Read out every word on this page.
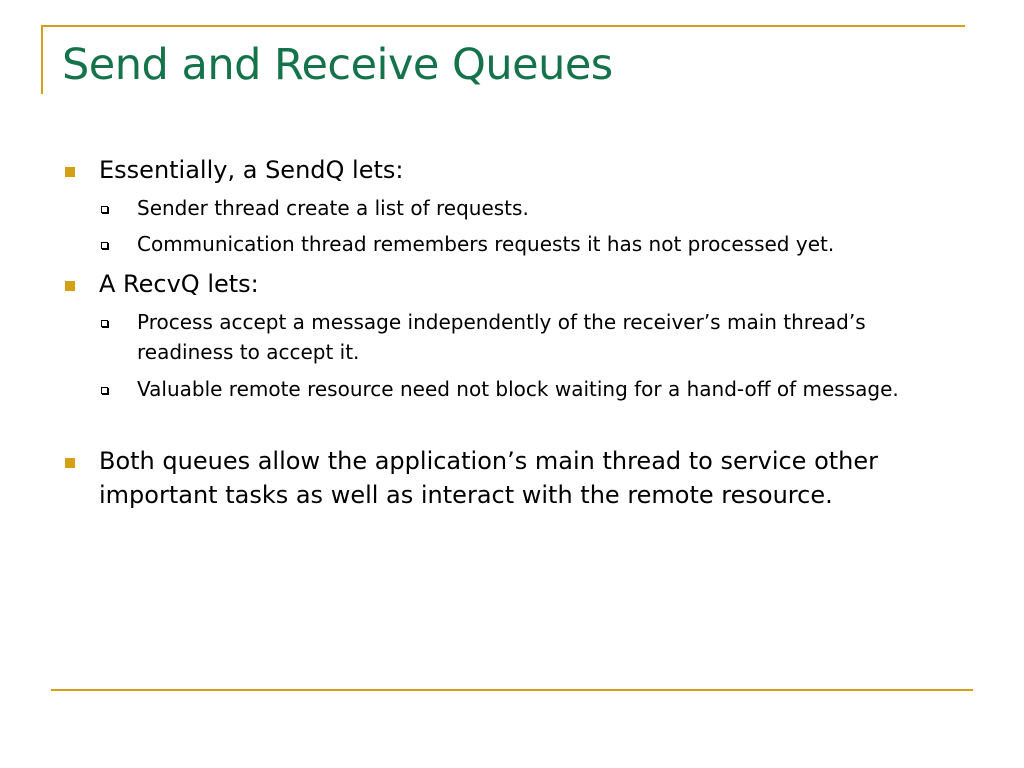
Send and Receive Queues
Essentially, a SendQ lets:
Sender thread create a list of requests.
Communication thread remembers requests it has not processed yet.
A RecvQ lets:
Process accept a message independently of the receiver’s main thread’s readiness to accept it.
Valuable remote resource need not block waiting for a hand-off of message.
Both queues allow the application’s main thread to service other important tasks as well as interact with the remote resource.
